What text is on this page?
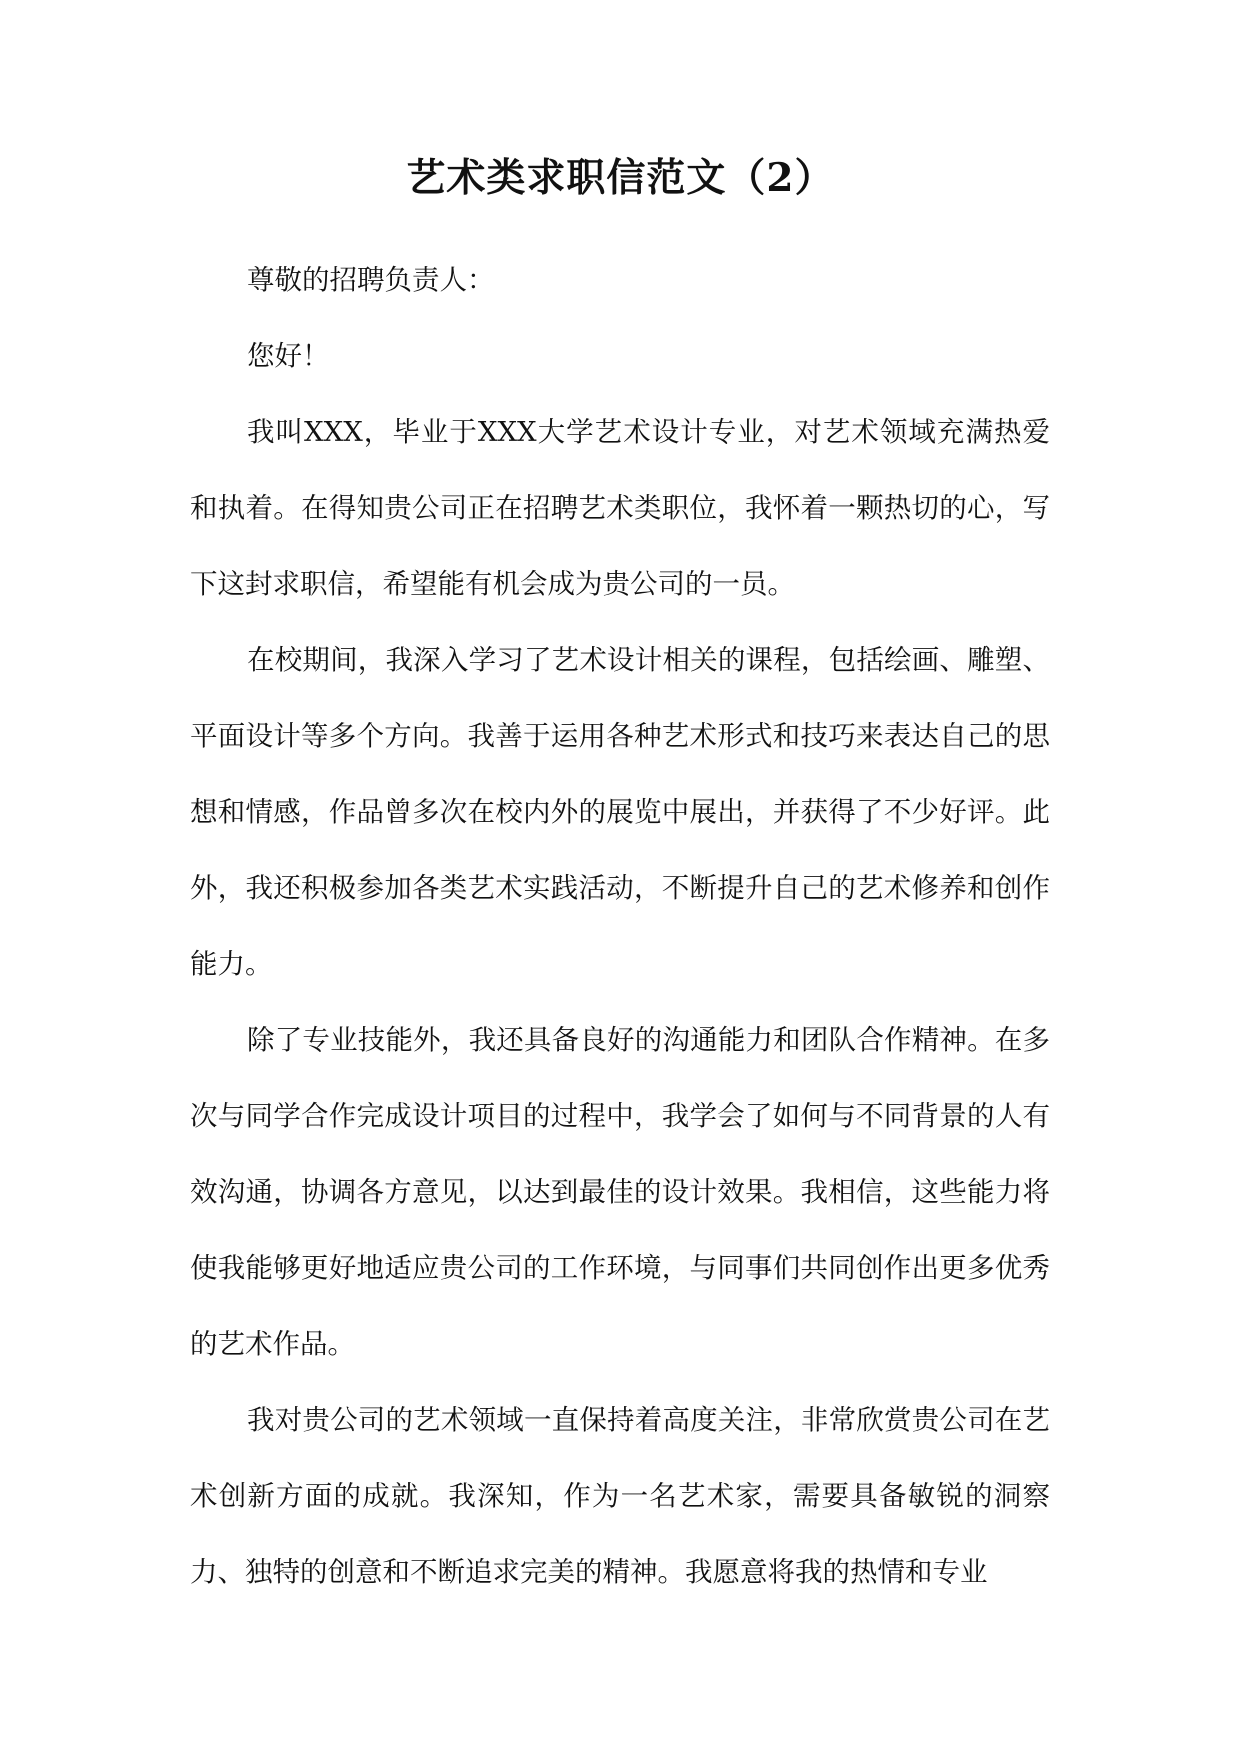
艺术类求职信范文（2）

尊敬的招聘负责人：

您好！

我叫XXX，毕业于XXX大学艺术设计专业，对艺术领域充满热爱和执着。在得知贵公司正在招聘艺术类职位，我怀着一颗热切的心，写下这封求职信，希望能有机会成为贵公司的一员。

在校期间，我深入学习了艺术设计相关的课程，包括绘画、雕塑、平面设计等多个方向。我善于运用各种艺术形式和技巧来表达自己的思想和情感，作品曾多次在校内外的展览中展出，并获得了不少好评。此外，我还积极参加各类艺术实践活动，不断提升自己的艺术修养和创作能力。

除了专业技能外，我还具备良好的沟通能力和团队合作精神。在多次与同学合作完成设计项目的过程中，我学会了如何与不同背景的人有效沟通，协调各方意见，以达到最佳的设计效果。我相信，这些能力将使我能够更好地适应贵公司的工作环境，与同事们共同创作出更多优秀的艺术作品。

我对贵公司的艺术领域一直保持着高度关注，非常欣赏贵公司在艺术创新方面的成就。我深知，作为一名艺术家，需要具备敏锐的洞察力、独特的创意和不断追求完美的精神。我愿意将我的热情和专业
